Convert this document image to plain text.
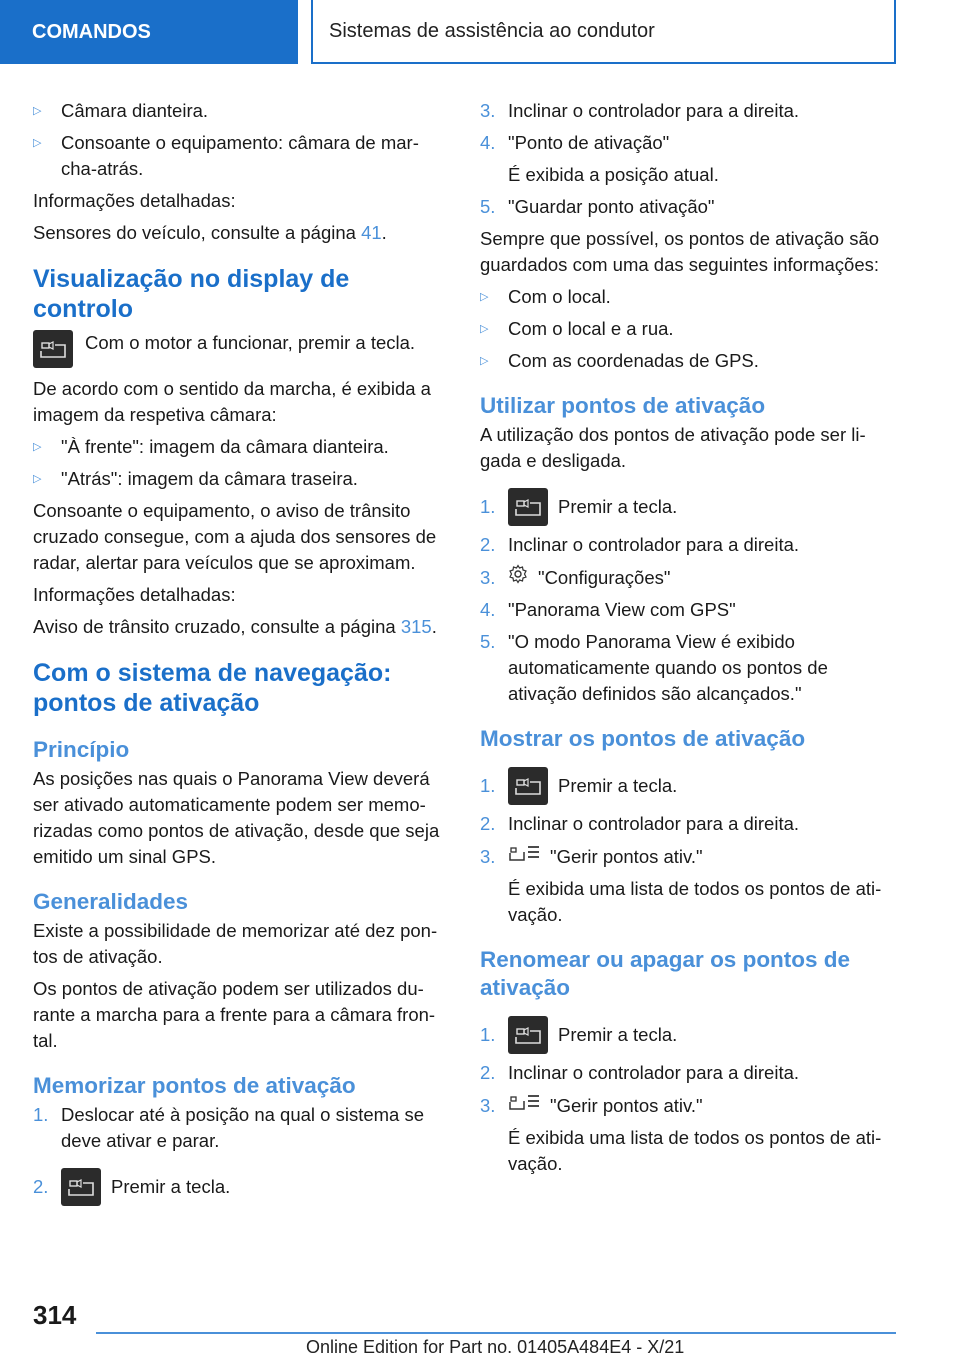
COMANDOS	Sistemas de assistência ao condutor
▷	Câmara dianteira.
▷	Consoante o equipamento: câmara de mar-cha-atrás.
Informações detalhadas:
Sensores do veículo, consulte a página 41.
Visualização no display de controlo
Com o motor a funcionar, premir a tecla.
De acordo com o sentido da marcha, é exibida a imagem da respetiva câmara:
▷	"À frente": imagem da câmara dianteira.
▷	"Atrás": imagem da câmara traseira.
Consoante o equipamento, o aviso de trânsito cruzado consegue, com a ajuda dos sensores de radar, alertar para veículos que se aproximam.
Informações detalhadas:
Aviso de trânsito cruzado, consulte a página 315.
Com o sistema de navegação: pontos de ativação
Princípio
As posições nas quais o Panorama View deverá ser ativado automaticamente podem ser memo-rizadas como pontos de ativação, desde que seja emitido um sinal GPS.
Generalidades
Existe a possibilidade de memorizar até dez pon-tos de ativação.
Os pontos de ativação podem ser utilizados du-rante a marcha para a frente para a câmara fron-tal.
Memorizar pontos de ativação
1. Deslocar até à posição na qual o sistema se deve ativar e parar.
2.	Premir a tecla.
3. Inclinar o controlador para a direita.
4. "Ponto de ativação"
É exibida a posição atual.
5. "Guardar ponto ativação"
Sempre que possível, os pontos de ativação são guardados com uma das seguintes informações:
▷	Com o local.
▷	Com o local e a rua.
▷	Com as coordenadas de GPS.
Utilizar pontos de ativação
A utilização dos pontos de ativação pode ser li-gada e desligada.
1.	Premir a tecla.
2. Inclinar o controlador para a direita.
3.	"Configurações"
4. "Panorama View com GPS"
5. "O modo Panorama View é exibido automaticamente quando os pontos de ativação definidos são alcançados."
Mostrar os pontos de ativação
1.	Premir a tecla.
2. Inclinar o controlador para a direita.
3.	"Gerir pontos ativ."
É exibida uma lista de todos os pontos de ati-vação.
Renomear ou apagar os pontos de ativação
1.	Premir a tecla.
2. Inclinar o controlador para a direita.
3.	"Gerir pontos ativ."
É exibida uma lista de todos os pontos de ati-vação.
314
Online Edition for Part no. 01405A484E4 - X/21
